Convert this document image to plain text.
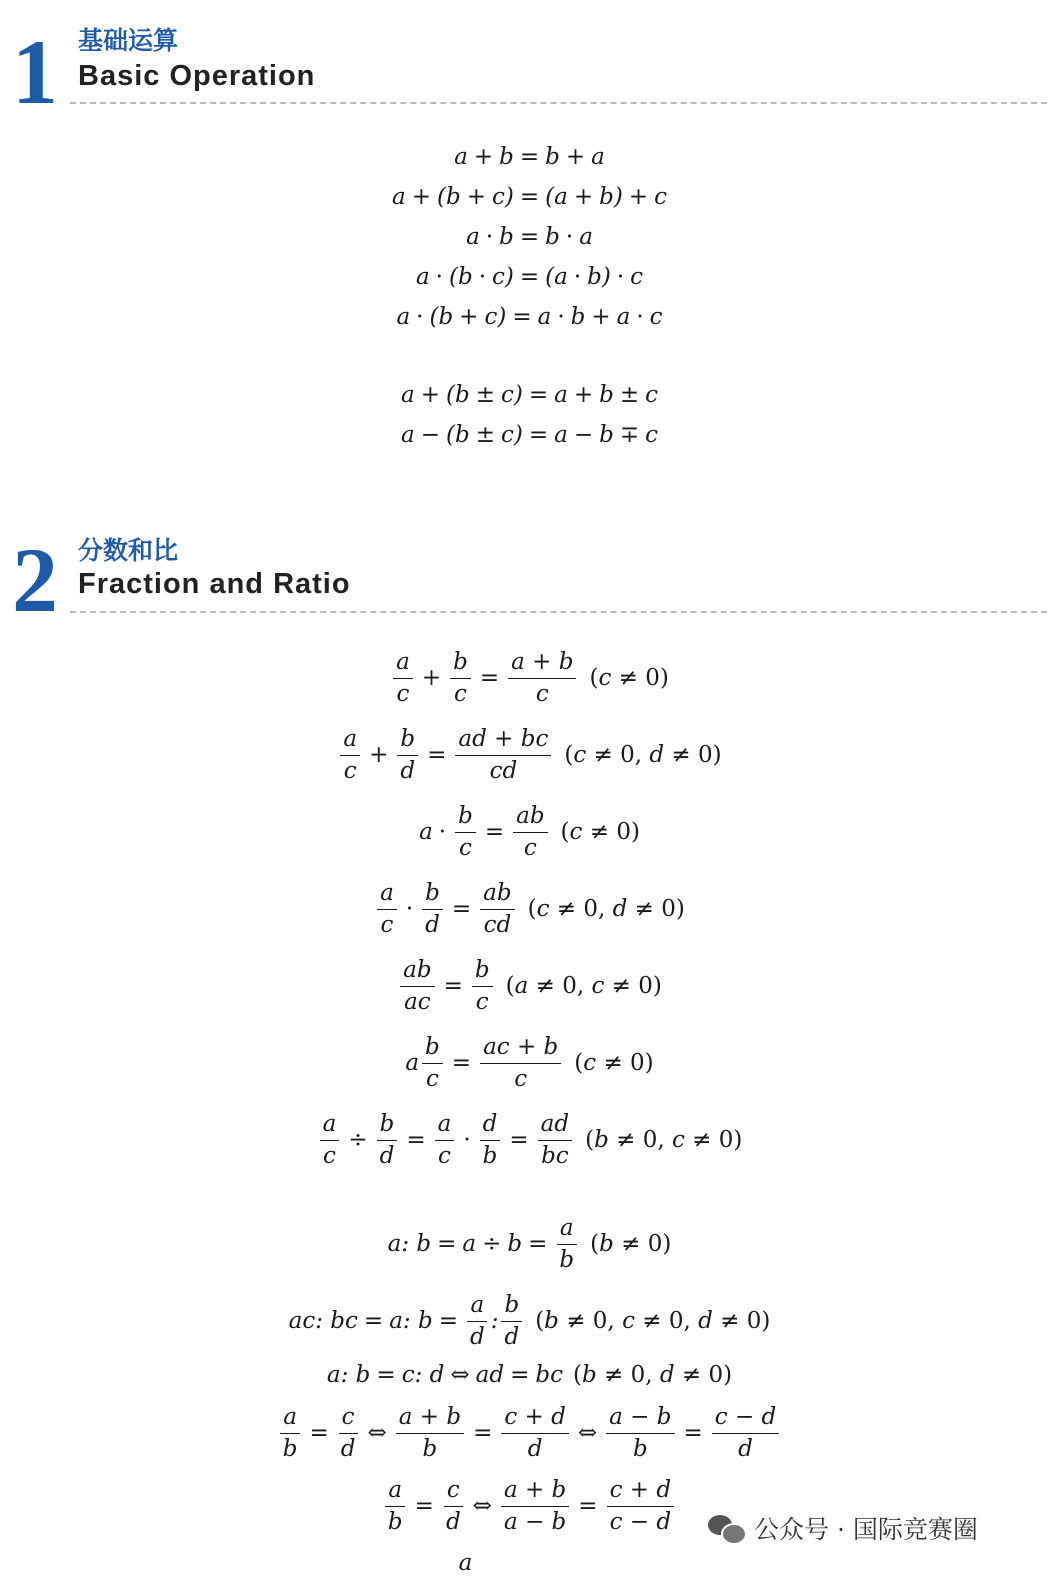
1 基础运算
Basic Operation
a + b = b + a
a + (b + c) = (a + b) + c
a · b = b · a
a · (b · c) = (a · b) · c
a · (b + c) = a · b + a · c
a + (b ± c) = a + b ± c
a − (b ± c) = a − b ∓ c
2 分数和比
Fraction and Ratio
$\frac{a}{c} + \frac{b}{c} = \frac{a + b}{c} (c \ne 0)$
$\frac{a}{c} + \frac{b}{d} = \frac{ad + bc}{cd} (c \ne 0$, d ≠ 0)
$a \cdot \frac{b}{c} = \frac{ab}{c} (c \ne 0)$
$\frac{a}{c} \cdot \frac{b}{d} = \frac{ab}{cd} (c \ne 0$, d ≠ 0)
$\frac{ab}{ac} = \frac{b}{c} (a \ne 0$, c ≠ 0)
a $\frac{b}{c} = \frac{ac + b}{c} (c \ne 0)$
$\frac{a}{c} \div \frac{b}{d} = \frac{a}{c} \cdot \frac{d}{b} = \frac{ad}{bc} (b \ne 0$, c ≠ 0)
a: $b = a \div b = \frac{a}{b} (b \ne 0)$
ac: bc = a: $b = \frac{a}{d}$ : $\frac{b}{d} (b \ne 0$, c ≠ 0, d ≠ 0)
a: b = c: d ⇔ ad = bc (b ≠ 0, d ≠ 0)
$\frac{a}{b} = \frac{c}{d}$ ⇔ $\frac{a + b}{b} = \frac{c + d}{d}$ ⇔ $\frac{a - b}{b} = \frac{c - d}{d}$
$\frac{a}{b} = \frac{c}{d}$ ⇔ $\frac{a + b}{a - b} = \frac{c + d}{c - d}$
a
公众号 · 国际竞赛圈
